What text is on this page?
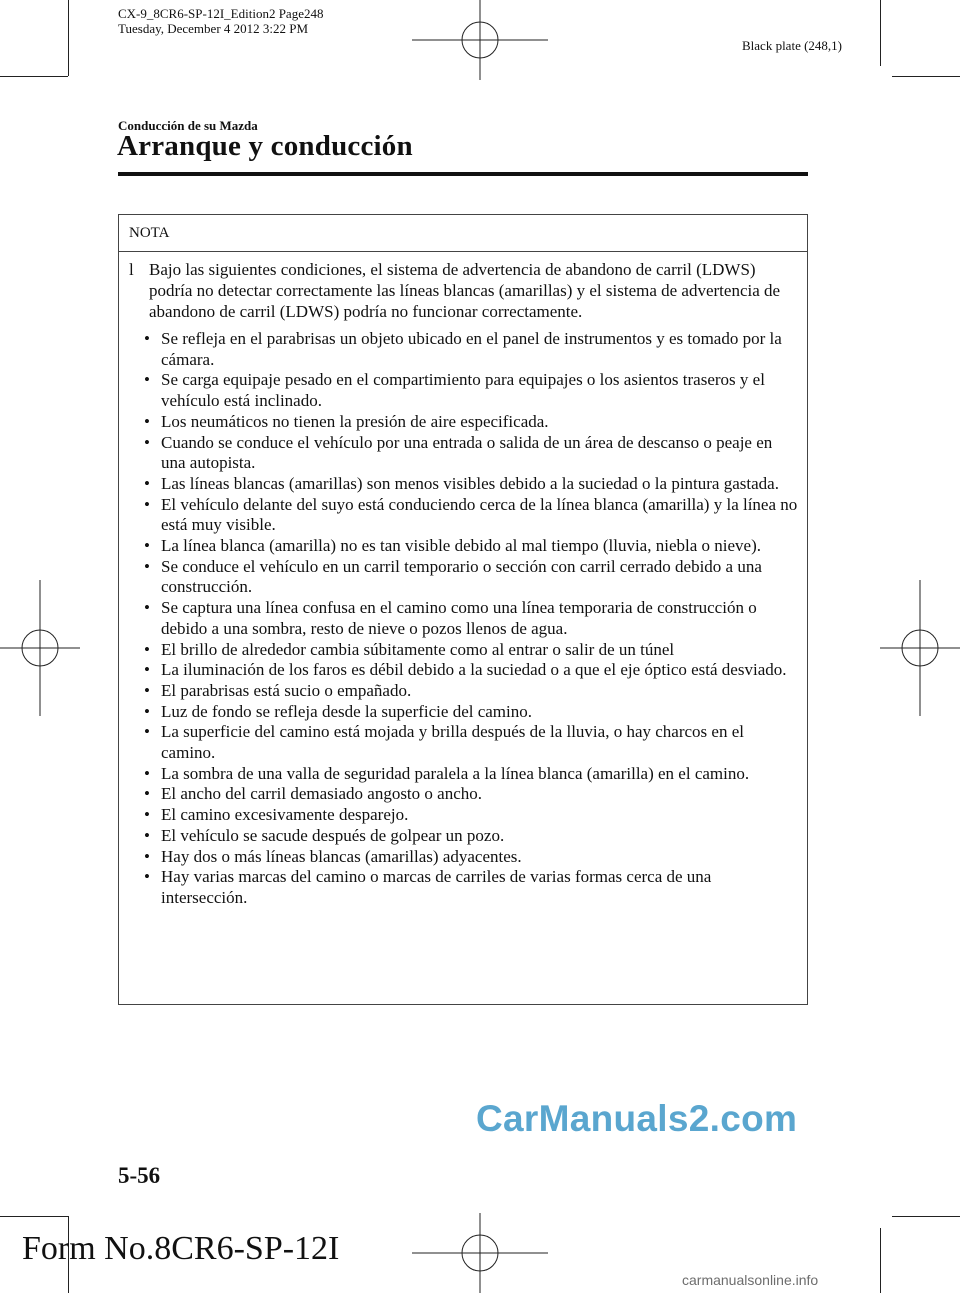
CX-9_8CR6-SP-12I_Edition2 Page248
Tuesday, December 4 2012 3:22 PM
Black plate (248,1)
Conducción de su Mazda
Arranque y conducción
NOTA
l Bajo las siguientes condiciones, el sistema de advertencia de abandono de carril (LDWS) podría no detectar correctamente las líneas blancas (amarillas) y el sistema de advertencia de abandono de carril (LDWS) podría no funcionar correctamente.
• Se refleja en el parabrisas un objeto ubicado en el panel de instrumentos y es tomado por la cámara.
• Se carga equipaje pesado en el compartimiento para equipajes o los asientos traseros y el vehículo está inclinado.
• Los neumáticos no tienen la presión de aire especificada.
• Cuando se conduce el vehículo por una entrada o salida de un área de descanso o peaje en una autopista.
• Las líneas blancas (amarillas) son menos visibles debido a la suciedad o la pintura gastada.
• El vehículo delante del suyo está conduciendo cerca de la línea blanca (amarilla) y la línea no está muy visible.
• La línea blanca (amarilla) no es tan visible debido al mal tiempo (lluvia, niebla o nieve).
• Se conduce el vehículo en un carril temporario o sección con carril cerrado debido a una construcción.
• Se captura una línea confusa en el camino como una línea temporaria de construcción o debido a una sombra, resto de nieve o pozos llenos de agua.
• El brillo de alrededor cambia súbitamente como al entrar o salir de un túnel
• La iluminación de los faros es débil debido a la suciedad o a que el eje óptico está desviado.
• El parabrisas está sucio o empañado.
• Luz de fondo se refleja desde la superficie del camino.
• La superficie del camino está mojada y brilla después de la lluvia, o hay charcos en el camino.
• La sombra de una valla de seguridad paralela a la línea blanca (amarilla) en el camino.
• El ancho del carril demasiado angosto o ancho.
• El camino excesivamente desparejo.
• El vehículo se sacude después de golpear un pozo.
• Hay dos o más líneas blancas (amarillas) adyacentes.
• Hay varias marcas del camino o marcas de carriles de varias formas cerca de una intersección.
CarManuals2.com
5-56
Form No.8CR6-SP-12I
carmanualsonline.info
